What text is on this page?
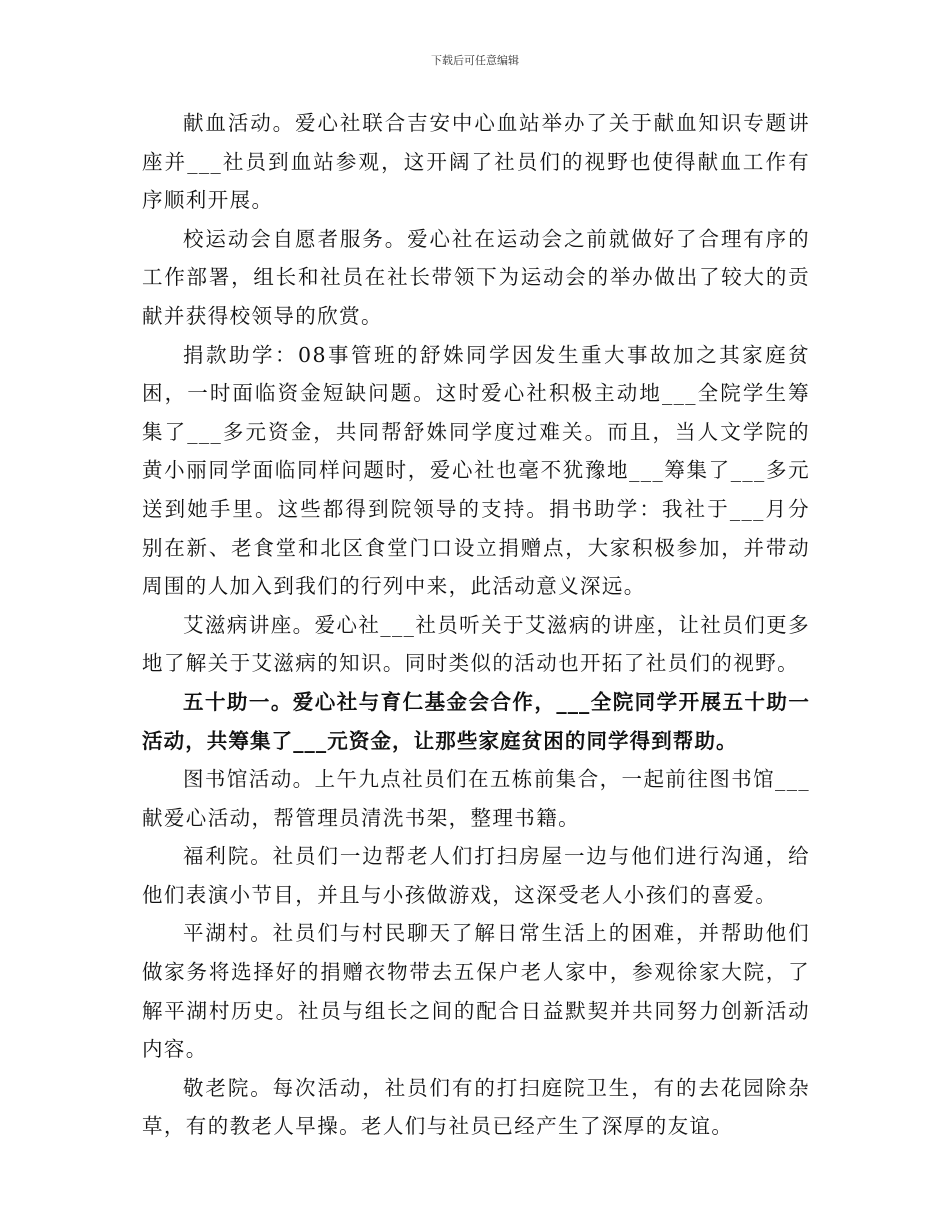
下载后可任意编辑

献血活动。爱心社联合吉安中心血站举办了关于献血知识专题讲座并___社员到血站参观，这开阔了社员们的视野也使得献血工作有序顺利开展。

校运动会自愿者服务。爱心社在运动会之前就做好了合理有序的工作部署，组长和社员在社长带领下为运动会的举办做出了较大的贡献并获得校领导的欣赏。

捐款助学：08事管班的舒姝同学因发生重大事故加之其家庭贫困，一时面临资金短缺问题。这时爱心社积极主动地___全院学生筹集了___多元资金，共同帮舒姝同学度过难关。而且，当人文学院的黄小丽同学面临同样问题时，爱心社也毫不犹豫地___筹集了___多元送到她手里。这些都得到院领导的支持。捐书助学：我社于___月分别在新、老食堂和北区食堂门口设立捐赠点，大家积极参加，并带动周围的人加入到我们的行列中来，此活动意义深远。

艾滋病讲座。爱心社___社员听关于艾滋病的讲座，让社员们更多地了解关于艾滋病的知识。同时类似的活动也开拓了社员们的视野。

五十助一。爱心社与育仁基金会合作，___全院同学开展五十助一活动，共筹集了___元资金，让那些家庭贫困的同学得到帮助。

图书馆活动。上午九点社员们在五栋前集合，一起前往图书馆___献爱心活动，帮管理员清洗书架，整理书籍。

福利院。社员们一边帮老人们打扫房屋一边与他们进行沟通，给他们表演小节目，并且与小孩做游戏，这深受老人小孩们的喜爱。

平湖村。社员们与村民聊天了解日常生活上的困难，并帮助他们做家务将选择好的捐赠衣物带去五保户老人家中，参观徐家大院，了解平湖村历史。社员与组长之间的配合日益默契并共同努力创新活动内容。

敬老院。每次活动，社员们有的打扫庭院卫生，有的去花园除杂草，有的教老人早操。老人们与社员已经产生了深厚的友谊。
